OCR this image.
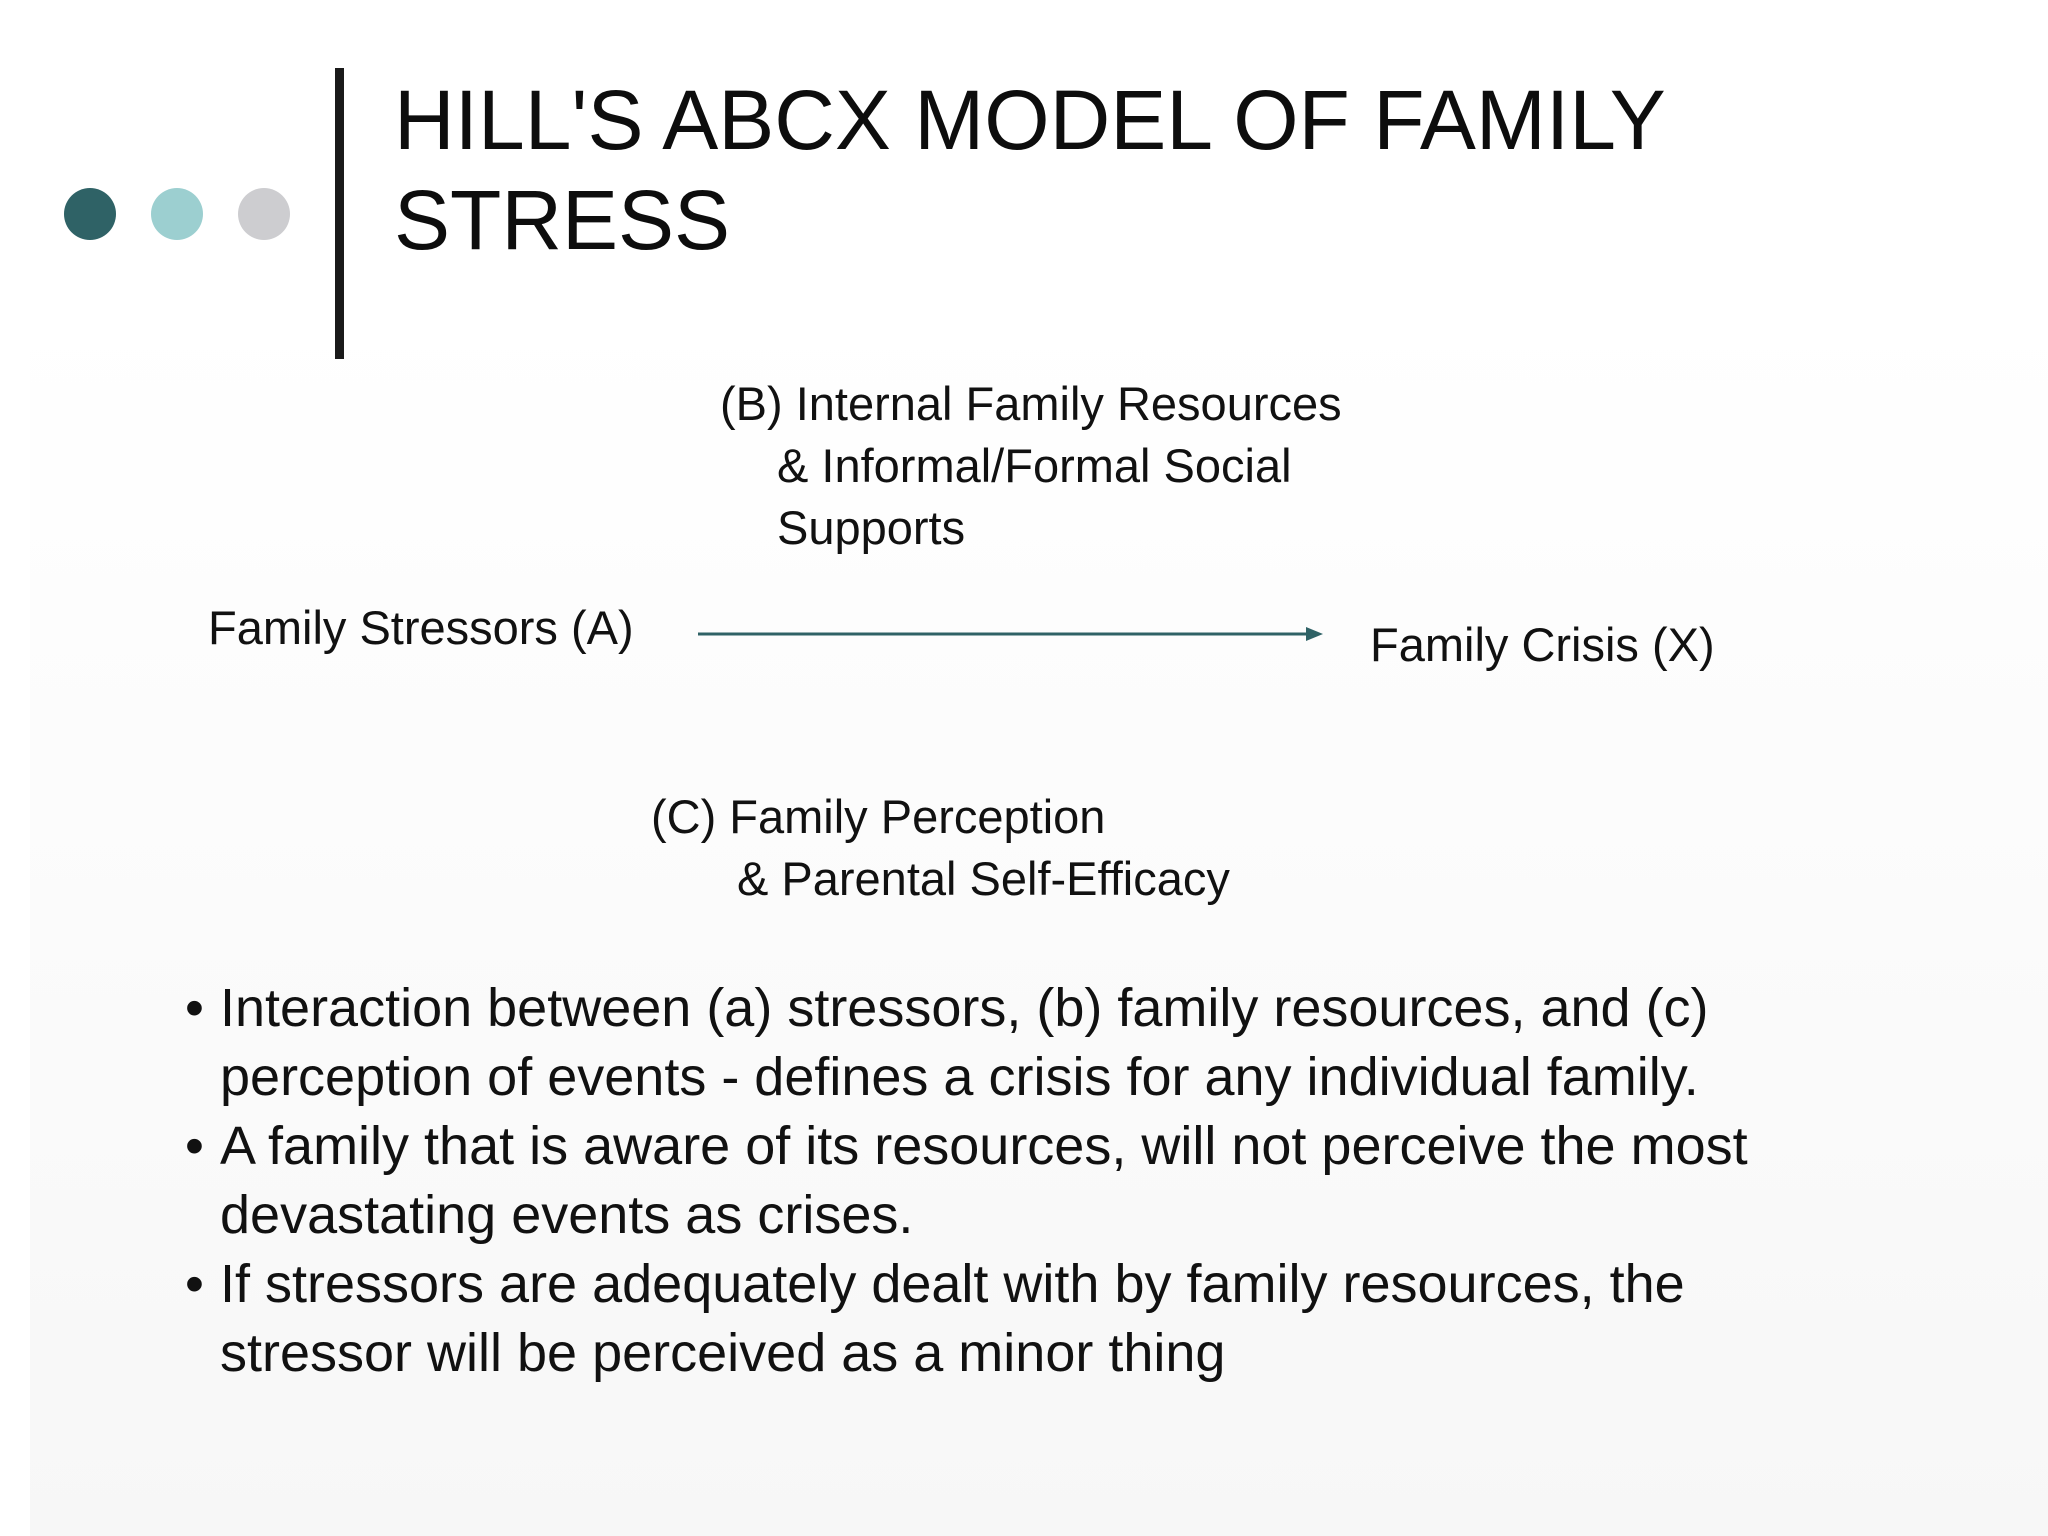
HILL'S ABCX MODEL OF FAMILY
STRESS
(B) Internal Family Resources
& Informal/Formal Social
Supports
Family Stressors (A)	Family Crisis (X)
(C) Family Perception
& Parental Self-Efficacy
• Interaction between (a) stressors, (b) family resources, and (c)
perception of events - defines a crisis for any individual family.
• A family that is aware of its resources, will not perceive the most
devastating events as crises.
• If stressors are adequately dealt with by family resources, the
stressor will be perceived as a minor thing
